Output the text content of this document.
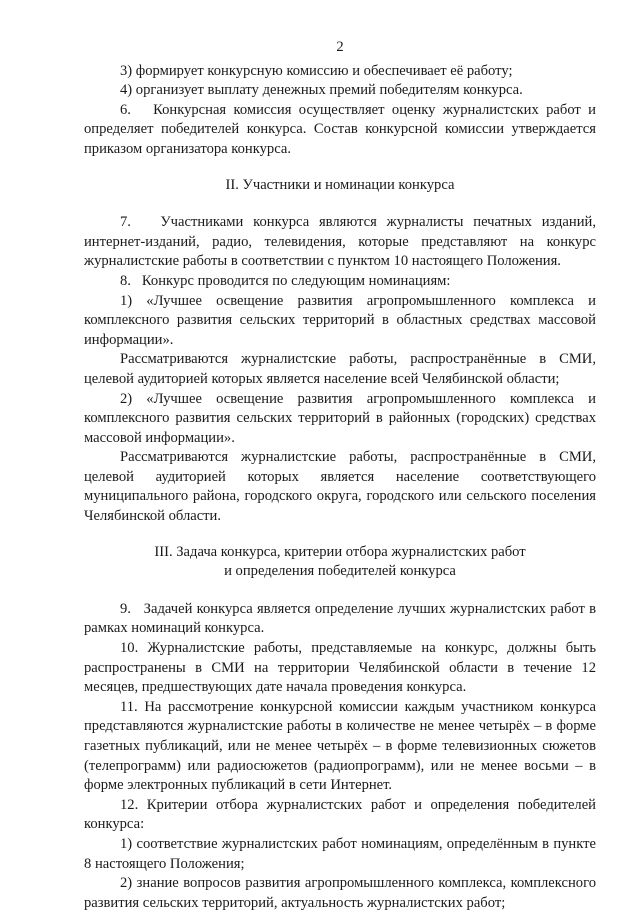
2

3) формирует конкурсную комиссию и обеспечивает её работу;

4) организует выплату денежных премий победителям конкурса.

6.   Конкурсная комиссия осуществляет оценку журналистских работ и определяет победителей конкурса. Состав конкурсной комиссии утверждается приказом организатора конкурса.

II. Участники и номинации конкурса

7.   Участниками конкурса являются журналисты печатных изданий, интернет-изданий, радио, телевидения, которые представляют на конкурс журналистские работы в соответствии с пунктом 10 настоящего Положения.

8.   Конкурс проводится по следующим номинациям:

1) «Лучшее освещение развития агропромышленного комплекса и комплексного развития сельских территорий в областных средствах массовой информации».

Рассматриваются журналистские работы, распространённые в СМИ, целевой аудиторией которых является население всей Челябинской области;

2) «Лучшее освещение развития агропромышленного комплекса и комплексного развития сельских территорий в районных (городских) средствах массовой информации».

Рассматриваются журналистские работы, распространённые в СМИ, целевой аудиторией которых является население соответствующего муниципального района, городского округа, городского или сельского поселения Челябинской области.

III. Задача конкурса, критерии отбора журналистских работ

и определения победителей конкурса

9.   Задачей конкурса является определение лучших журналистских работ в рамках номинаций конкурса.

10. Журналистские работы, представляемые на конкурс, должны быть распространены в СМИ на территории Челябинской области в течение 12 месяцев, предшествующих дате начала проведения конкурса.

11. На рассмотрение конкурсной комиссии каждым участником конкурса представляются журналистские работы в количестве не менее четырёх – в форме газетных публикаций, или не менее четырёх – в форме телевизионных сюжетов (телепрограмм) или радиосюжетов (радиопрограмм), или не менее восьми – в форме электронных публикаций в сети Интернет.

12. Критерии отбора журналистских работ и определения победителей конкурса:

1) соответствие журналистских работ номинациям, определённым в пункте 8 настоящего Положения;

2) знание вопросов развития агропромышленного комплекса, комплексного развития сельских территорий, актуальность журналистских работ;
